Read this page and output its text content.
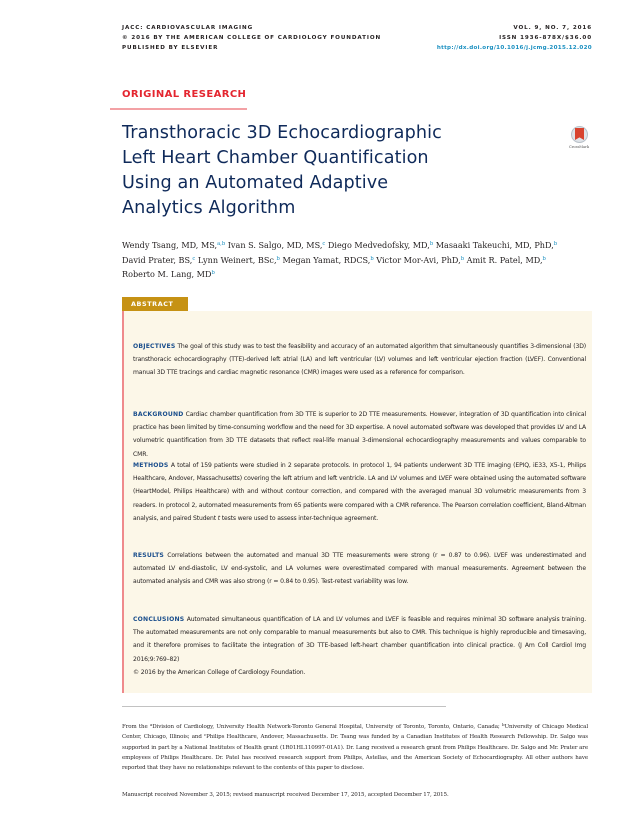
JACC: CARDIOVASCULAR IMAGING
© 2016 BY THE AMERICAN COLLEGE OF CARDIOLOGY FOUNDATION
PUBLISHED BY ELSEVIER
VOL. 9, NO. 7, 2016
ISSN 1936-878X/$36.00
http://dx.doi.org/10.1016/j.jcmg.2015.12.020
ORIGINAL RESEARCH
Transthoracic 3D Echocardiographic
Left Heart Chamber Quantification
Using an Automated Adaptive
Analytics Algorithm
CrossMark
Wendy Tsang, MD, MS,$^{a,b}$ Ivan S. Salgo, MD, MS,$^c$ Diego Medvedofsky, MD,$^b$ Masaaki Takeuchi, MD, PhD,$^b$
David Prater, BS,$^c$ Lynn Weinert, BSc,$^b$ Megan Yamat, RDCS,$^b$ Victor Mor-Avi, PhD,$^b$ Amit R. Patel, MD,$^b$
Roberto M. Lang, $MD^b$
ABSTRACT

OBJECTIVES The goal of this study was to test the feasibility and accuracy of an automated algorithm that simultaneously quantifies 3-dimensional (3D) transthoracic echocardiography (TTE)-derived left atrial (LA) and left ventricular (LV) volumes and left ventricular ejection fraction (LVEF). Conventional manual 3D TTE tracings and cardiac magnetic resonance (CMR) images were used as a reference for comparison.

BACKGROUND Cardiac chamber quantification from 3D TTE is superior to 2D TTE measurements. However, integration of 3D quantification into clinical practice has been limited by time-consuming workflow and the need for 3D expertise. A novel automated software was developed that provides LV and LA volumetric quantification from 3D TTE datasets that reflect real-life manual 3-dimensional echocardiography measurements and values comparable to CMR.

METHODS A total of 159 patients were studied in 2 separate protocols. In protocol 1, 94 patients underwent 3D TTE imaging (EPIQ, iE33, X5-1, Philips Healthcare, Andover, Massachusetts) covering the left atrium and left ventricle. LA and LV volumes and LVEF were obtained using the automated software (HeartModel, Philips Healthcare) with and without contour correction, and compared with the averaged manual 3D volumetric measurements from 3 readers. In protocol 2, automated measurements from 65 patients were compared with a CMR reference. The Pearson correlation coefficient, Bland-Altman analysis, and paired Student t tests were used to assess inter-technique agreement.

RESULTS Correlations between the automated and manual 3D TTE measurements were strong (r = 0.87 to 0.96). LVEF was underestimated and automated LV end-diastolic, LV end-systolic, and LA volumes were overestimated compared with manual measurements. Agreement between the automated analysis and CMR was also strong (r = 0.84 to 0.95). Test-retest variability was low.

CONCLUSIONS Automated simultaneous quantification of LA and LV volumes and LVEF is feasible and requires minimal 3D software analysis training. The automated measurements are not only comparable to manual measurements but also to CMR. This technique is highly reproducible and timesaving, and it therefore promises to facilitate the integration of 3D TTE-based left-heart chamber quantification into clinical practice. (J Am Coll Cardiol Img 2016;9:769–82)
© 2016 by the American College of Cardiology Foundation.

From the $^a$Division of Cardiology, University Health Network-Toronto General Hospital, University of Toronto, Toronto, Ontario, Canada; $^b$University of Chicago Medical Center, Chicago, Illinois; and $^c$Philips Healthcare, Andover, Massachusetts. Dr. Tsang was funded by a Canadian Institutes of Health Research Fellowship. Dr. Salgo was supported in part by a National Institutes of Health grant (1R01HL110997-01A1). Dr. Lang received a research grant from Philips Healthcare. Dr. Salgo and Mr. Prater are employees of Philips Healthcare. Dr. Patel has received research support from Philips, Astellas, and the American Society of Echocardiography. All other authors have reported that they have no relationships relevant to the contents of this paper to disclose.
Manuscript received November 3, 2015; revised manuscript received December 17, 2015, accepted December 17, 2015.
